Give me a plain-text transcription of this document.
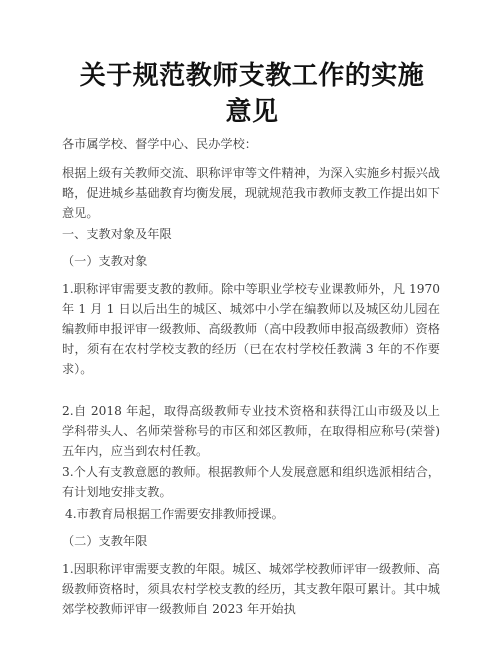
关于规范教师支教工作的实施意见

各市属学校、督学中心、民办学校：

根据上级有关教师交流、职称评审等文件精神，为深入实施乡村振兴战略，促进城乡基础教育均衡发展，现就规范我市教师支教工作提出如下意见。

一、支教对象及年限

（一）支教对象

1.职称评审需要支教的教师。除中等职业学校专业课教师外，凡 1970 年 1 月 1 日以后出生的城区、城郊中小学在编教师以及城区幼儿园在编教师申报评审一级教师、高级教师（高中段教师申报高级教师）资格时，须有在农村学校支教的经历（已在农村学校任教满 3 年的不作要求）。

2.自 2018 年起，取得高级教师专业技术资格和获得江山市级及以上学科带头人、名师荣誉称号的市区和郊区教师，在取得相应称号(荣誉)五年内，应当到农村任教。

3.个人有支教意愿的教师。根据教师个人发展意愿和组织选派相结合，有计划地安排支教。

4.市教育局根据工作需要安排教师授课。

（二）支教年限

1.因职称评审需要支教的年限。城区、城郊学校教师评审一级教师、高级教师资格时，须具农村学校支教的经历，其支教年限可累计。其中城郊学校教师评审一级教师自 2023 年开始执
